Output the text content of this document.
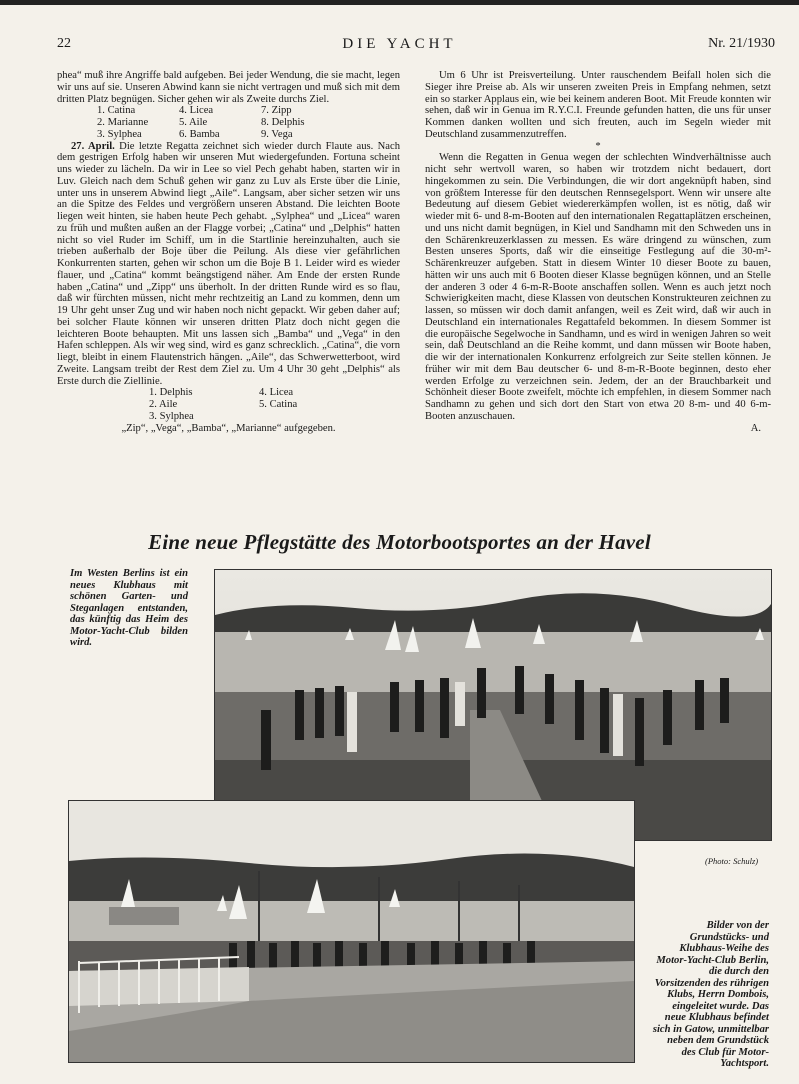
22	DIE YACHT	Nr. 21/1930

phea“ muß ihre Angriffe bald aufgeben. Bei jeder Wendung, die sie macht, legen wir uns auf sie. Unseren Abwind kann sie nicht vertragen und muß sich mit dem dritten Platz begnügen. Sicher gehen wir als Zweite durchs Ziel.

1. Catina	4. Licea	7. Zipp
2. Marianne	5. Aile	8. Delphis
3. Sylphea	6. Bamba	9. Vega

27. April. Die letzte Regatta zeichnet sich wieder durch Flaute aus. Nach dem gestrigen Erfolg haben wir unseren Mut wiedergefunden. Fortuna scheint uns wieder zu lächeln. Da wir in Lee so viel Pech gehabt haben, starten wir in Luv. Gleich nach dem Schuß gehen wir ganz zu Luv als Erste über die Linie, unter uns in unserem Abwind liegt „Aile“. Langsam, aber sicher setzen wir uns an die Spitze des Feldes und vergrößern unseren Abstand. Die leichten Boote liegen weit hinten, sie haben heute Pech gehabt. „Sylphea“ und „Licea“ waren zu früh und mußten außen an der Flagge vorbei; „Catina“ und „Delphis“ hatten nicht so viel Ruder im Schiff, um in die Startlinie hereinzuhalten, auch sie trieben außerhalb der Boje über die Peilung. Als diese vier gefährlichen Konkurrenten starten, gehen wir schon um die Boje B 1. Leider wird es wieder flauer, und „Catina“ kommt beängstigend näher. Am Ende der ersten Runde haben „Catina“ und „Zipp“ uns überholt. In der dritten Runde wird es so flau, daß wir fürchten müssen, nicht mehr rechtzeitig an Land zu kommen, denn um 19 Uhr geht unser Zug und wir haben noch nicht gepackt. Wir geben daher auf; bei solcher Flaute können wir unseren dritten Platz doch nicht gegen die leichteren Boote behaupten. Mit uns lassen sich „Bamba“ und „Vega“ in den Hafen schleppen. Als wir weg sind, wird es ganz schrecklich. „Catina“, die vorn liegt, bleibt in einem Flautenstrich hängen. „Aile“, das Schwerwetterboot, wird Zweite. Langsam treibt der Rest dem Ziel zu. Um 4 Uhr 30 geht „Delphis“ als Erste durch die Ziellinie.

1. Delphis	4. Licea
2. Aile	5. Catina
3. Sylphea

„Zip“, „Vega“, „Bamba“, „Marianne“ aufgegeben.

Um 6 Uhr ist Preisverteilung. Unter rauschendem Beifall holen sich die Sieger ihre Preise ab. Als wir unseren zweiten Preis in Empfang nehmen, setzt ein so starker Applaus ein, wie bei keinem anderen Boot. Mit Freude konnten wir sehen, daß wir in Genua im R.Y.C.I. Freunde gefunden hatten, die uns für unser Kommen danken wollten und sich freuten, auch im Segeln wieder mit Deutschland zusammenzutreffen.

*

Wenn die Regatten in Genua wegen der schlechten Windverhältnisse auch nicht sehr wertvoll waren, so haben wir trotzdem nicht bedauert, dort hingekommen zu sein. Die Verbindungen, die wir dort angeknüpft haben, sind von größtem Interesse für den deutschen Rennsegelsport. Wenn wir unsere alte Bedeutung auf diesem Gebiet wiedererkämpfen wollen, ist es nötig, daß wir wieder mit 6- und 8-m-Booten auf den internationalen Regattaplätzen erscheinen, und uns nicht damit begnügen, in Kiel und Sandhamn mit den Schweden uns in den Schärenkreuzerklassen zu messen. Es wäre dringend zu wünschen, zum Besten unseres Sports, daß wir die einseitige Festlegung auf die 30-m²-Schärenkreuzer aufgeben. Statt in diesem Winter 10 dieser Boote zu bauen, hätten wir uns auch mit 6 Booten dieser Klasse begnügen können, und an Stelle der anderen 3 oder 4 6-m-R-Boote anschaffen sollen. Wenn es auch jetzt noch Schwierigkeiten macht, diese Klassen von deutschen Konstrukteuren zeichnen zu lassen, so müssen wir doch damit anfangen, weil es Zeit wird, daß wir auch in Deutschland ein internationales Regattafeld bekommen. In diesem Sommer ist die europäische Segelwoche in Sandhamn, und es wird in wenigen Jahren so weit sein, daß Deutschland an die Reihe kommt, und dann müssen wir Boote haben, die wir der internationalen Konkurrenz erfolgreich zur Seite stellen können. Je früher wir mit dem Bau deutscher 6- und 8-m-R-Boote beginnen, desto eher werden Erfolge zu verzeichnen sein. Jedem, der an der Brauchbarkeit und Schönheit dieser Boote zweifelt, möchte ich empfehlen, in diesem Sommer nach Sandhamn zu gehen und sich dort den Start von etwa 20 8-m- und 40 6-m-Booten anzuschauen.

A.

Eine neue Pflegstätte des Motorbootsportes an der Havel
Im Westen Berlins ist ein neues Klubhaus mit schönen Garten- und Steganlagen entstanden, das künftig das Heim des Motor-Yacht-Club bilden wird.
(Photo: Schulz)
Bilder von der Grundstücks- und Klubhaus-Weihe des Motor-Yacht-Club Berlin, die durch den Vorsitzenden des rührigen Klubs, Herrn Dombois, eingeleitet wurde. Das neue Klubhaus befindet sich in Gatow, unmittelbar neben dem Grundstück des Club für Motor-Yachtsport.
